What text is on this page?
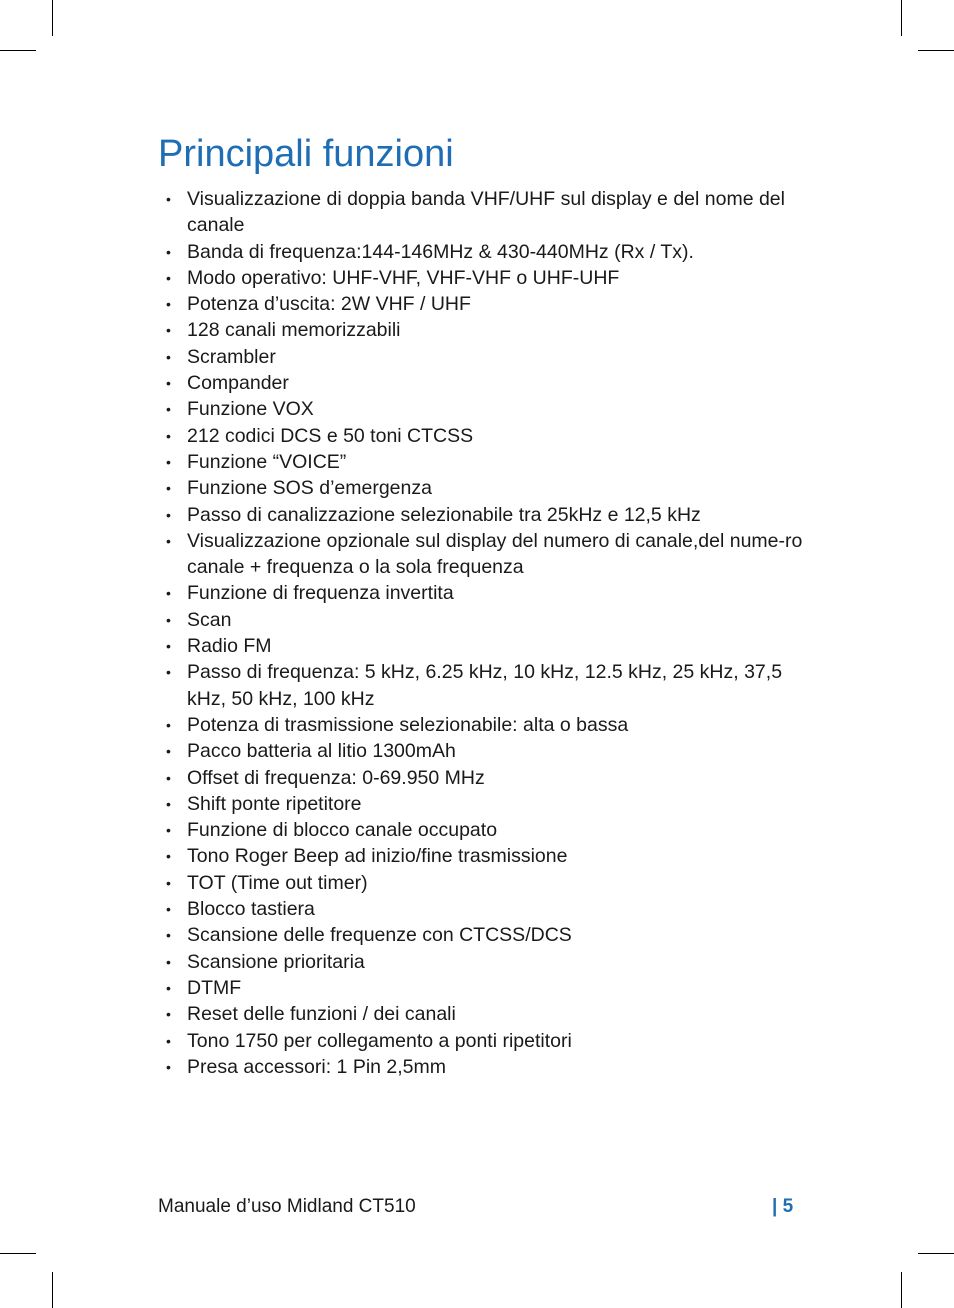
Principali funzioni
• Visualizzazione di doppia banda VHF/UHF sul display e del nome del canale
• Banda di frequenza:144-146MHz & 430-440MHz (Rx / Tx).
• Modo operativo: UHF-VHF, VHF-VHF o UHF-UHF
• Potenza d’uscita: 2W VHF / UHF
• 128 canali memorizzabili
• Scrambler
• Compander
• Funzione VOX
• 212 codici DCS e 50 toni CTCSS
• Funzione “VOICE”
• Funzione SOS d’emergenza
• Passo di canalizzazione selezionabile tra 25kHz e 12,5 kHz
• Visualizzazione opzionale sul display del numero di canale,del nume-ro canale + frequenza o la sola frequenza
• Funzione di frequenza invertita
• Scan
• Radio FM
• Passo di frequenza: 5 kHz, 6.25 kHz, 10 kHz, 12.5 kHz, 25 kHz, 37,5 kHz, 50 kHz, 100 kHz
• Potenza di trasmissione selezionabile: alta o bassa
• Pacco batteria al litio 1300mAh
• Offset di frequenza: 0-69.950 MHz
• Shift ponte ripetitore
• Funzione di blocco canale occupato
• Tono Roger Beep ad inizio/fine trasmissione
• TOT (Time out timer)
• Blocco tastiera
• Scansione delle frequenze con CTCSS/DCS
• Scansione prioritaria
• DTMF
• Reset delle funzioni / dei canali
• Tono 1750 per collegamento a ponti ripetitori
• Presa accessori: 1 Pin 2,5mm
Manuale d’uso Midland CT510	| 5
